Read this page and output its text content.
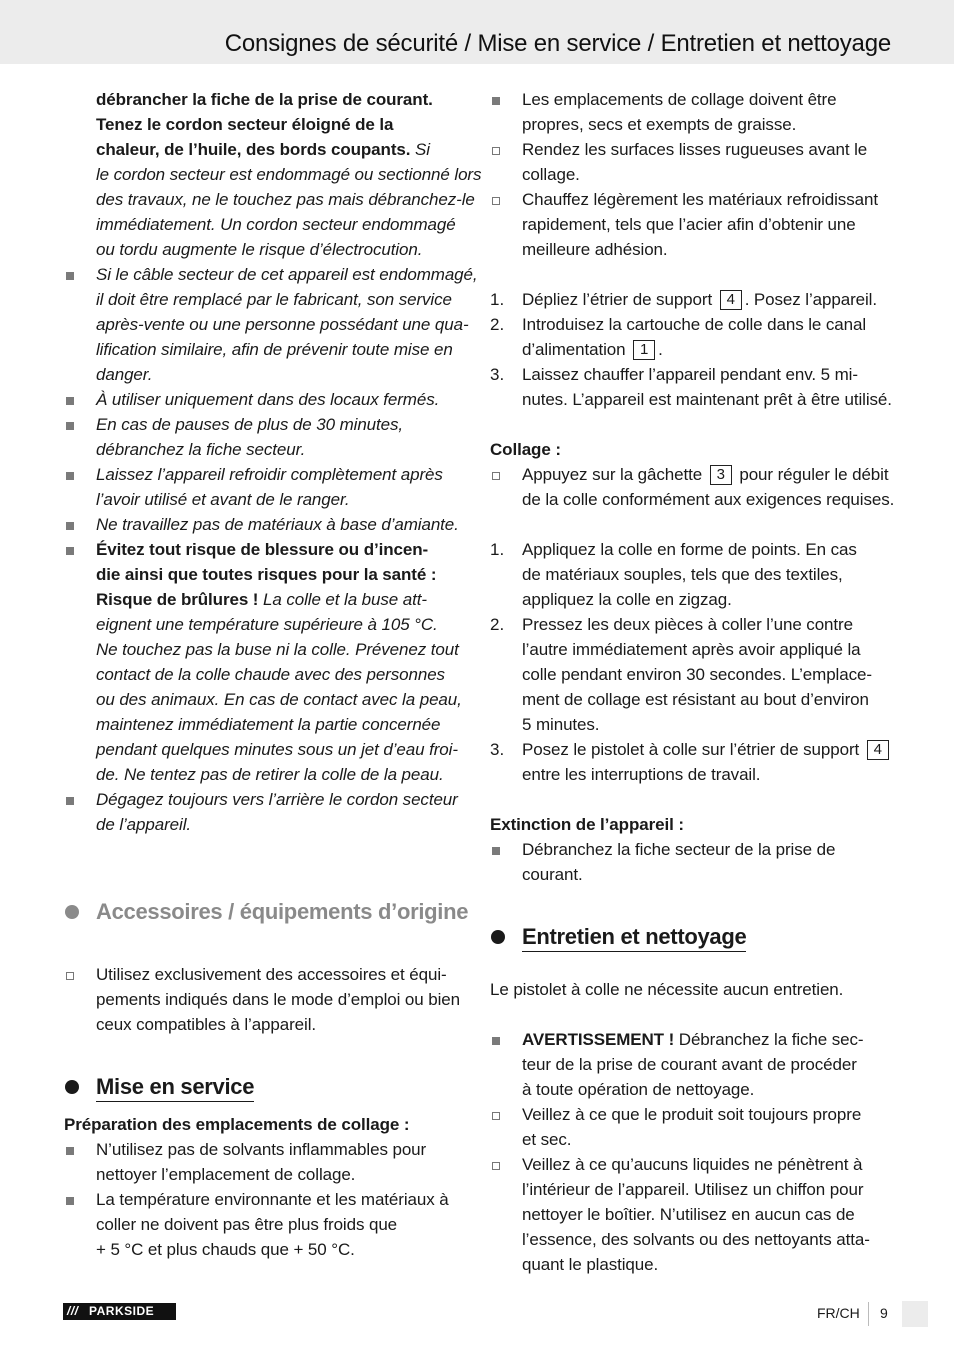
Consignes de sécurité / Mise en service / Entretien et nettoyage
débrancher la fiche de la prise de courant.
Tenez le cordon secteur éloigné de la
chaleur, de l’huile, des bords coupants. Si
le cordon secteur est endommagé ou sectionné lors
des travaux, ne le touchez pas mais débranchez-le
immédiatement. Un cordon secteur endommagé
ou tordu augmente le risque d’électrocution.
Si le câble secteur de cet appareil est endommagé,
il doit être remplacé par le fabricant, son service
après-vente ou une personne possédant une qua-
lification similaire, afin de prévenir toute mise en
danger.
À utiliser uniquement dans des locaux fermés.
En cas de pauses de plus de 30 minutes,
débranchez la fiche secteur.
Laissez l’appareil refroidir complètement après
l’avoir utilisé et avant de le ranger.
Ne travaillez pas de matériaux à base d’amiante.
Évitez tout risque de blessure ou d’incen-
die ainsi que toutes risques pour la santé :
Risque de brûlures ! La colle et la buse att-
eignent une température supérieure à 105 °C.
Ne touchez pas la buse ni la colle. Prévenez tout
contact de la colle chaude avec des personnes
ou des animaux. En cas de contact avec la peau,
maintenez immédiatement la partie concernée
pendant quelques minutes sous un jet d’eau froi-
de. Ne tentez pas de retirer la colle de la peau.
Dégagez toujours vers l’arrière le cordon secteur
de l’appareil.
Accessoires / équipements d’origine
Utilisez exclusivement des accessoires et équi-
pements indiqués dans le mode d’emploi ou bien
ceux compatibles à l’appareil.
Mise en service
Préparation des emplacements de collage :
N’utilisez pas de solvants inflammables pour
nettoyer l’emplacement de collage.
La température environnante et les matériaux à
coller ne doivent pas être plus froids que
+ 5 °C et plus chauds que + 50 °C.
Les emplacements de collage doivent être
propres, secs et exempts de graisse.
Rendez les surfaces lisses rugueuses avant le
collage.
Chauffez légèrement les matériaux refroidissant
rapidement, tels que l’acier afin d’obtenir une
meilleure adhésion.
1. Dépliez l’étrier de support 4 . Posez l’appareil.
2. Introduisez la cartouche de colle dans le canal
d’alimentation 1 .
3. Laissez chauffer l’appareil pendant env. 5 mi-
nutes. L’appareil est maintenant prêt à être utilisé.
Collage :
Appuyez sur la gâchette 3 pour réguler le débit
de la colle conformément aux exigences requises.
1. Appliquez la colle en forme de points. En cas
de matériaux souples, tels que des textiles,
appliquez la colle en zigzag.
2. Pressez les deux pièces à coller l’une contre
l’autre immédiatement après avoir appliqué la
colle pendant environ 30 secondes. L’emplace-
ment de collage est résistant au bout d’environ
5 minutes.
3. Posez le pistolet à colle sur l’étrier de support 4
entre les interruptions de travail.
Extinction de l’appareil :
Débranchez la fiche secteur de la prise de
courant.
Entretien et nettoyage
Le pistolet à colle ne nécessite aucun entretien.
AVERTISSEMENT ! Débranchez la fiche sec-
teur de la prise de courant avant de procéder
à toute opération de nettoyage.
Veillez à ce que le produit soit toujours propre
et sec.
Veillez à ce qu’aucuns liquides ne pénètrent à
l’intérieur de l’appareil. Utilisez un chiffon pour
nettoyer le boîtier. N’utilisez en aucun cas de
l’essence, des solvants ou des nettoyants atta-
quant le plastique.
/// PARKSIDE	FR/CH 9
